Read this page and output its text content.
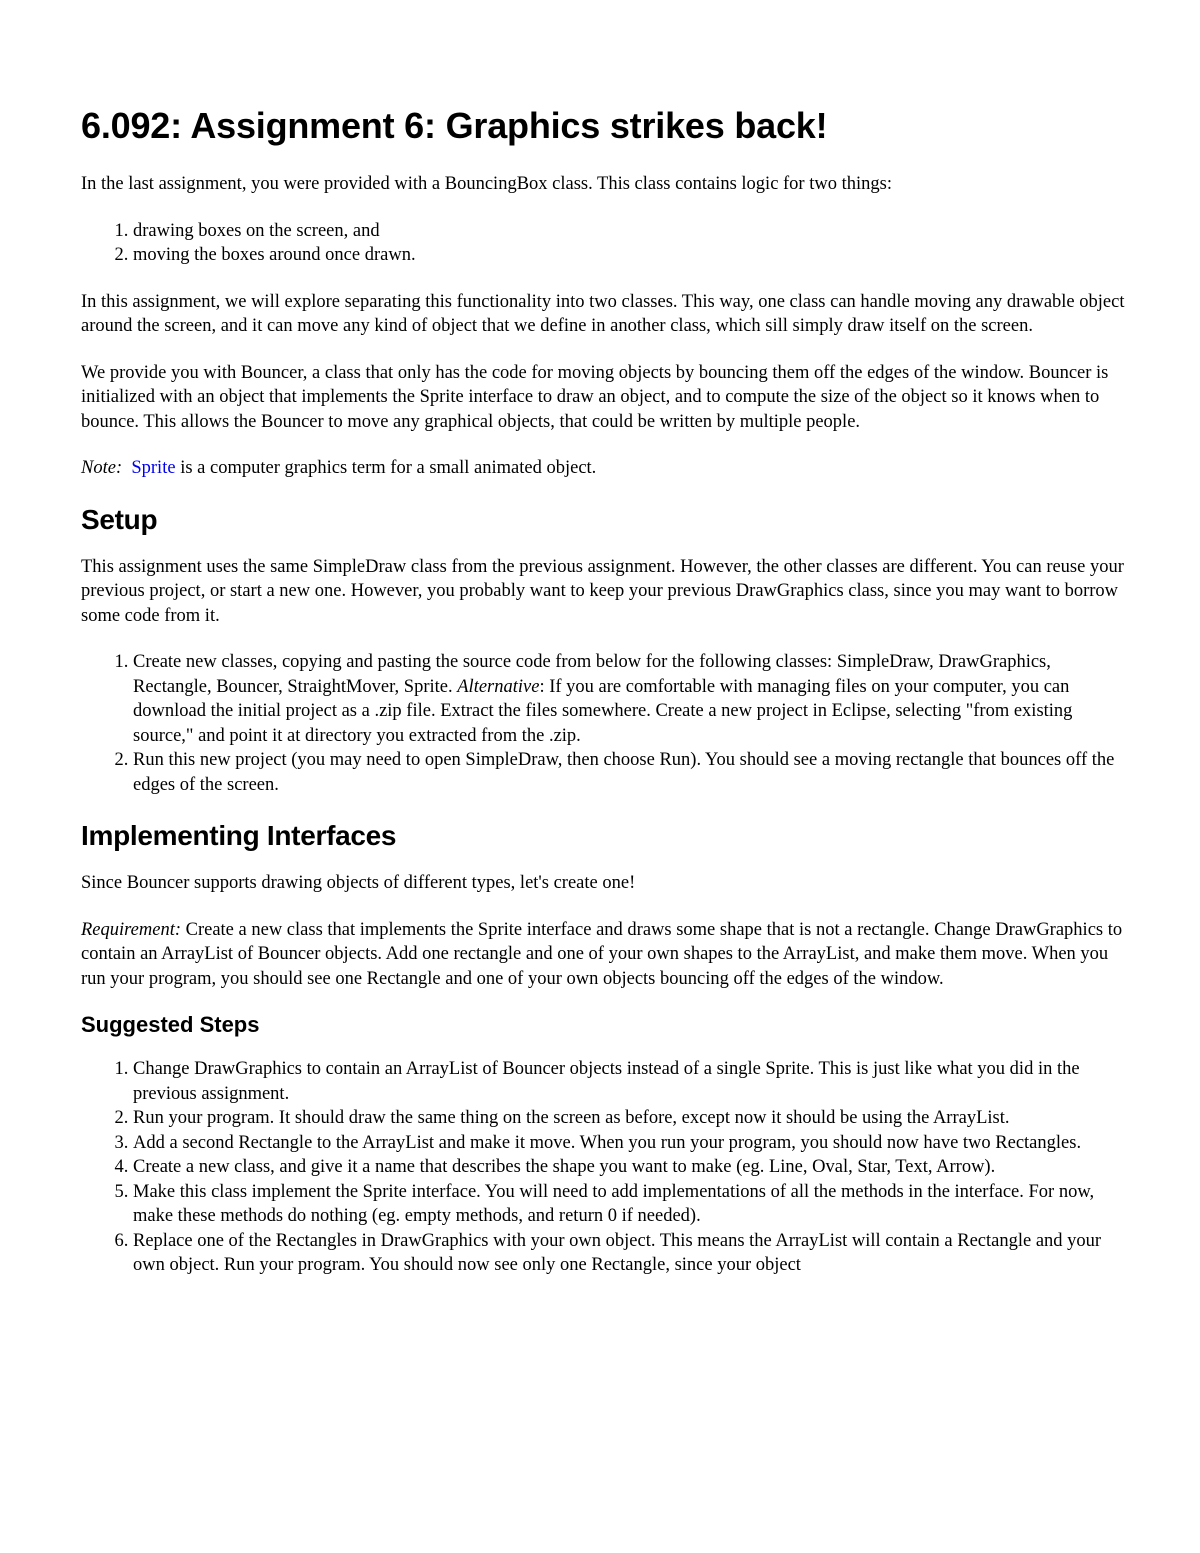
6.092: Assignment 6: Graphics strikes back!

In the last assignment, you were provided with a BouncingBox class. This class contains logic for two things:

1. drawing boxes on the screen, and
2. moving the boxes around once drawn.

In this assignment, we will explore separating this functionality into two classes. This way, one class can handle moving any drawable object around the screen, and it can move any kind of object that we define in another class, which sill simply draw itself on the screen.

We provide you with Bouncer, a class that only has the code for moving objects by bouncing them off the edges of the window. Bouncer is initialized with an object that implements the Sprite interface to draw an object, and to compute the size of the object so it knows when to bounce. This allows the Bouncer to move any graphical objects, that could be written by multiple people.

Note: Sprite is a computer graphics term for a small animated object.

Setup

This assignment uses the same SimpleDraw class from the previous assignment. However, the other classes are different. You can reuse your previous project, or start a new one. However, you probably want to keep your previous DrawGraphics class, since you may want to borrow some code from it.

1. Create new classes, copying and pasting the source code from below for the following classes: SimpleDraw, DrawGraphics, Rectangle, Bouncer, StraightMover, Sprite. Alternative: If you are comfortable with managing files on your computer, you can download the initial project as a .zip file. Extract the files somewhere. Create a new project in Eclipse, selecting "from existing source," and point it at directory you extracted from the .zip.
2. Run this new project (you may need to open SimpleDraw, then choose Run). You should see a moving rectangle that bounces off the edges of the screen.
Implementing Interfaces

Since Bouncer supports drawing objects of different types, let's create one!

Requirement: Create a new class that implements the Sprite interface and draws some shape that is not a rectangle. Change DrawGraphics to contain an ArrayList of Bouncer objects. Add one rectangle and one of your own shapes to the ArrayList, and make them move. When you run your program, you should see one Rectangle and one of your own objects bouncing off the edges of the window.

Suggested Steps
1. Change DrawGraphics to contain an ArrayList of Bouncer objects instead of a single Sprite. This is just like what you did in the previous assignment.
2. Run your program. It should draw the same thing on the screen as before, except now it should be using the ArrayList.
3. Add a second Rectangle to the ArrayList and make it move. When you run your program, you should now have two Rectangles.
4. Create a new class, and give it a name that describes the shape you want to make (eg. Line, Oval, Star, Text, Arrow).
5. Make this class implement the Sprite interface. You will need to add implementations of all the methods in the interface. For now, make these methods do nothing (eg. empty methods, and return 0 if needed).
6. Replace one of the Rectangles in DrawGraphics with your own object. This means the ArrayList will contain a Rectangle and your own object. Run your program. You should now see only one Rectangle, since your object
